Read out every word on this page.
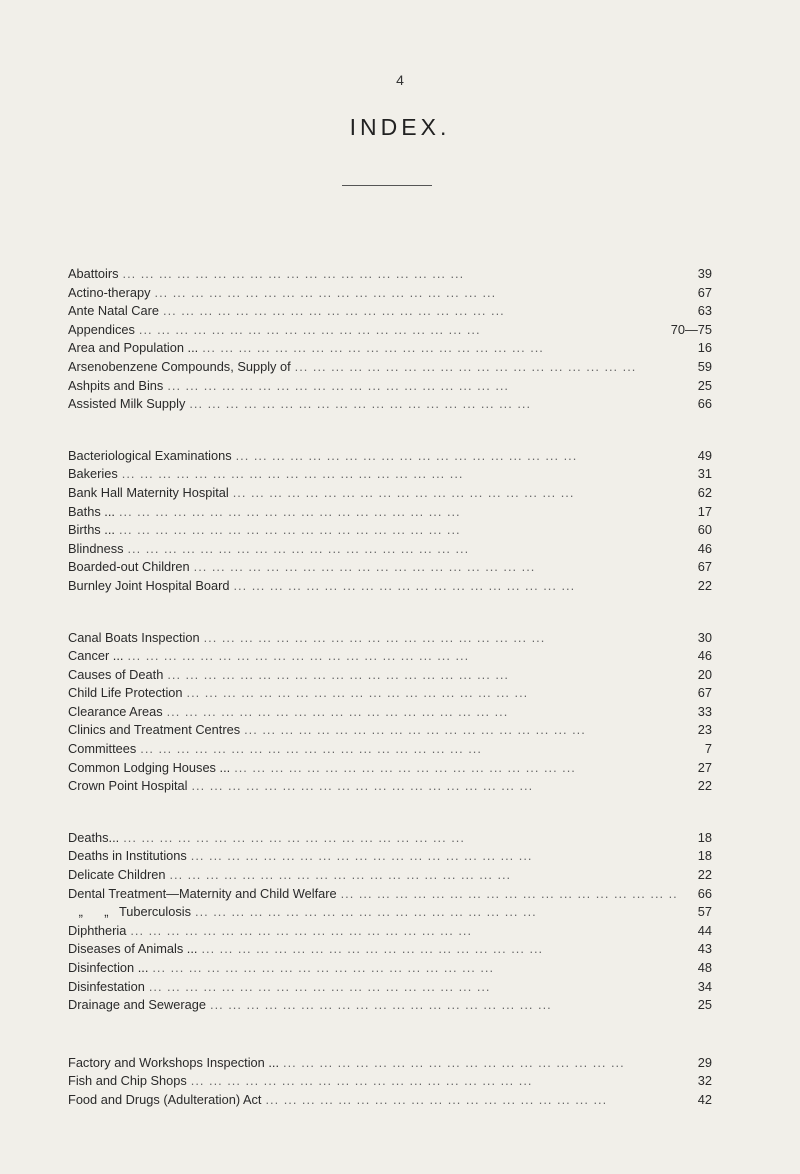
4
INDEX.
Abattoirs ...	39
Actino-therapy ...	67
Ante Natal Care ...	63
Appendices ...	70—75
Area and Population ... ...	16
Arsenobenzene Compounds, Supply of ...	59
Ashpits and Bins ...	25
Assisted Milk Supply ...	66
Bacteriological Examinations ...	49
Bakeries ...	31
Bank Hall Maternity Hospital ...	62
Baths ... ...	17
Births ... ...	60
Blindness ...	46
Boarded-out Children ...	67
Burnley Joint Hospital Board ...	22
Canal Boats Inspection ...	30
Cancer ... ...	46
Causes of Death ...	20
Child Life Protection ...	67
Clearance Areas ...	33
Clinics and Treatment Centres ...	23
Committees ...	7
Common Lodging Houses ... ...	27
Crown Point Hospital ...	22
Deaths... ...	18
Deaths in Institutions ...	18
Delicate Children ...	22
Dental Treatment—Maternity and Child Welfare ...	66
„      „   Tuberculosis ...	57
Diphtheria ...	44
Diseases of Animals ... ...	43
Disinfection ... ...	48
Disinfestation ...	34
Drainage and Sewerage ...	25
Factory and Workshops Inspection ... ...	29
Fish and Chip Shops ...	32
Food and Drugs (Adulteration) Act ...	42
